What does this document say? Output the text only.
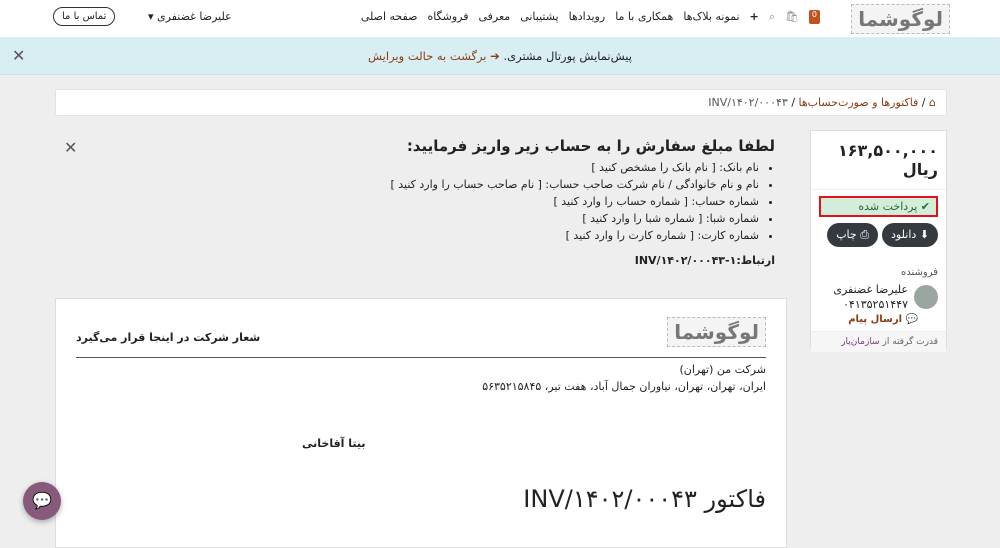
لوگوشما
صفحه اصلی فروشگاه معرفی پشتیبانی رویدادها همکاری با ما نمونه بلاک‌ها + ⌕ 🛍	0
علیرضا غضنفری ▾
تماس با ما
پیش‌نمایش پورتال مشتری. ➔ برگشت به حالت ویرایش
✕
⌂ / فاکتورها و صورت‌حساب‌ها / INV/۱۴۰۲/۰۰۰۴۳
۱۶۳,۵۰۰,۰۰۰ ریال
✔ پرداخت شده
⬇ دانلود
⎙ چاپ
فروشنده
علیرضا غضنفری
۰۴۱۳۵۲۵۱۴۴۷
💬 ارسال پیام
قدرت گرفته از سازمان‌یار
✕	لطفا مبلغ سفارش را به حساب زیر واریز فرمایید:
• نام بانک: [ نام بانک را مشخص کنید ]
• نام و نام خانوادگی / نام شرکت صاحب حساب: [ نام صاحب حساب را وارد کنید ]
• شماره حساب: [ شماره حساب را وارد کنید ]
• شماره شبا: [ شماره شبا را وارد کنید ]
• شماره کارت: [ شماره کارت را وارد کنید ]
ارتباط:INV/۱۴۰۲/۰۰۰۴۳-۱
لوگوشما
شعار شرکت در اینجا قرار می‌گیرد
شرکت من (تهران)
ایران، تهران، تهران، نیاوران جمال آباد، هفت تیر، ۵۶۳۵۲۱۵۸۴۵
بیتا آقاخانی
فاکتور INV/۱۴۰۲/۰۰۰۴۳
💬
